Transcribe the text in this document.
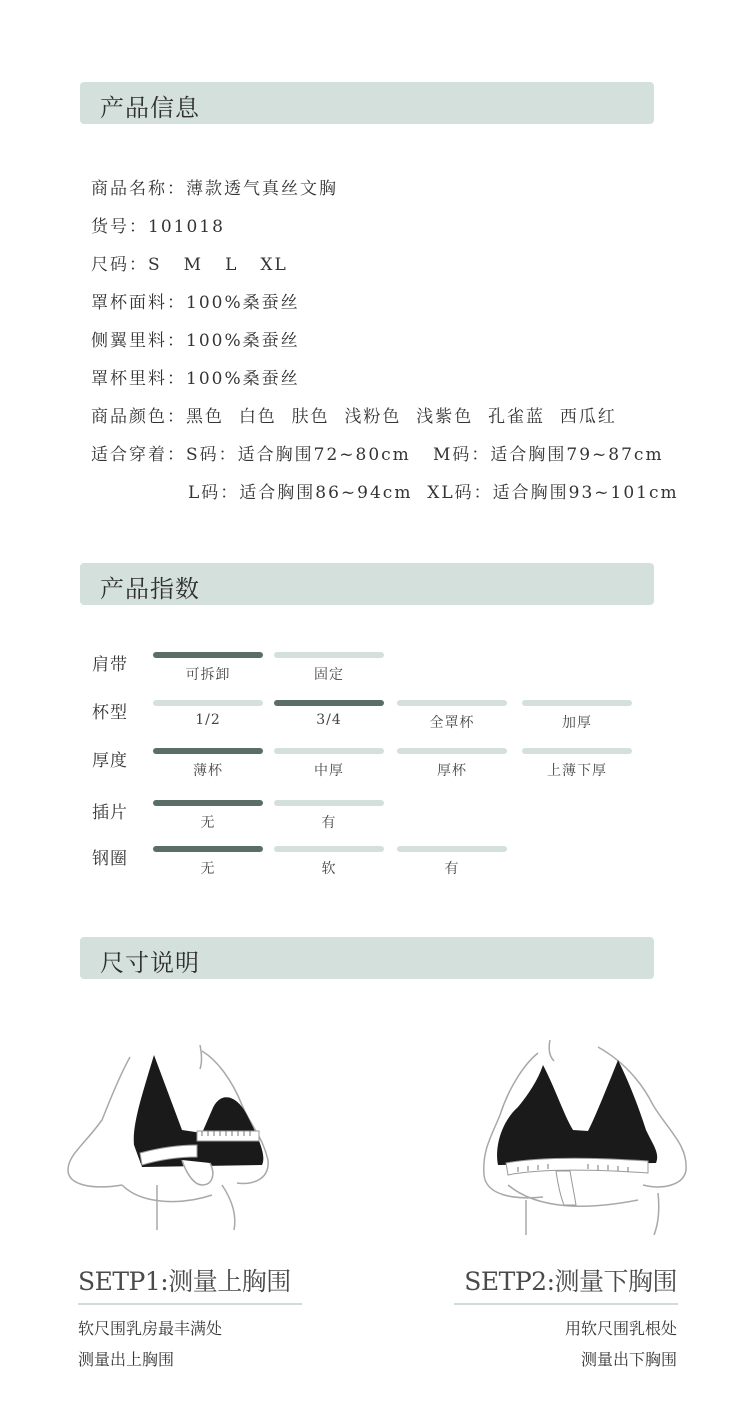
产品信息
商品名称：薄款透气真丝文胸
货号：101018
尺码：S M L XL
罩杯面料：100%桑蚕丝
侧翼里料：100%桑蚕丝
罩杯里料：100%桑蚕丝
商品颜色：黑色 白色 肤色 浅粉色 浅紫色 孔雀蓝 西瓜红
适合穿着：S码：适合胸围72~80cm M码：适合胸围79~87cm
L码：适合胸围86~94cm XL码：适合胸围93~101cm
产品指数
肩带	可拆卸	固定
杯型	1/2	3/4	全罩杯	加厚
厚度	薄杯	中厚	厚杯	上薄下厚
插片	无	有
钢圈	无	软	有
尺寸说明
SETP1:测量上胸围
软尺围乳房最丰满处
测量出上胸围
SETP2:测量下胸围
用软尺围乳根处
测量出下胸围
